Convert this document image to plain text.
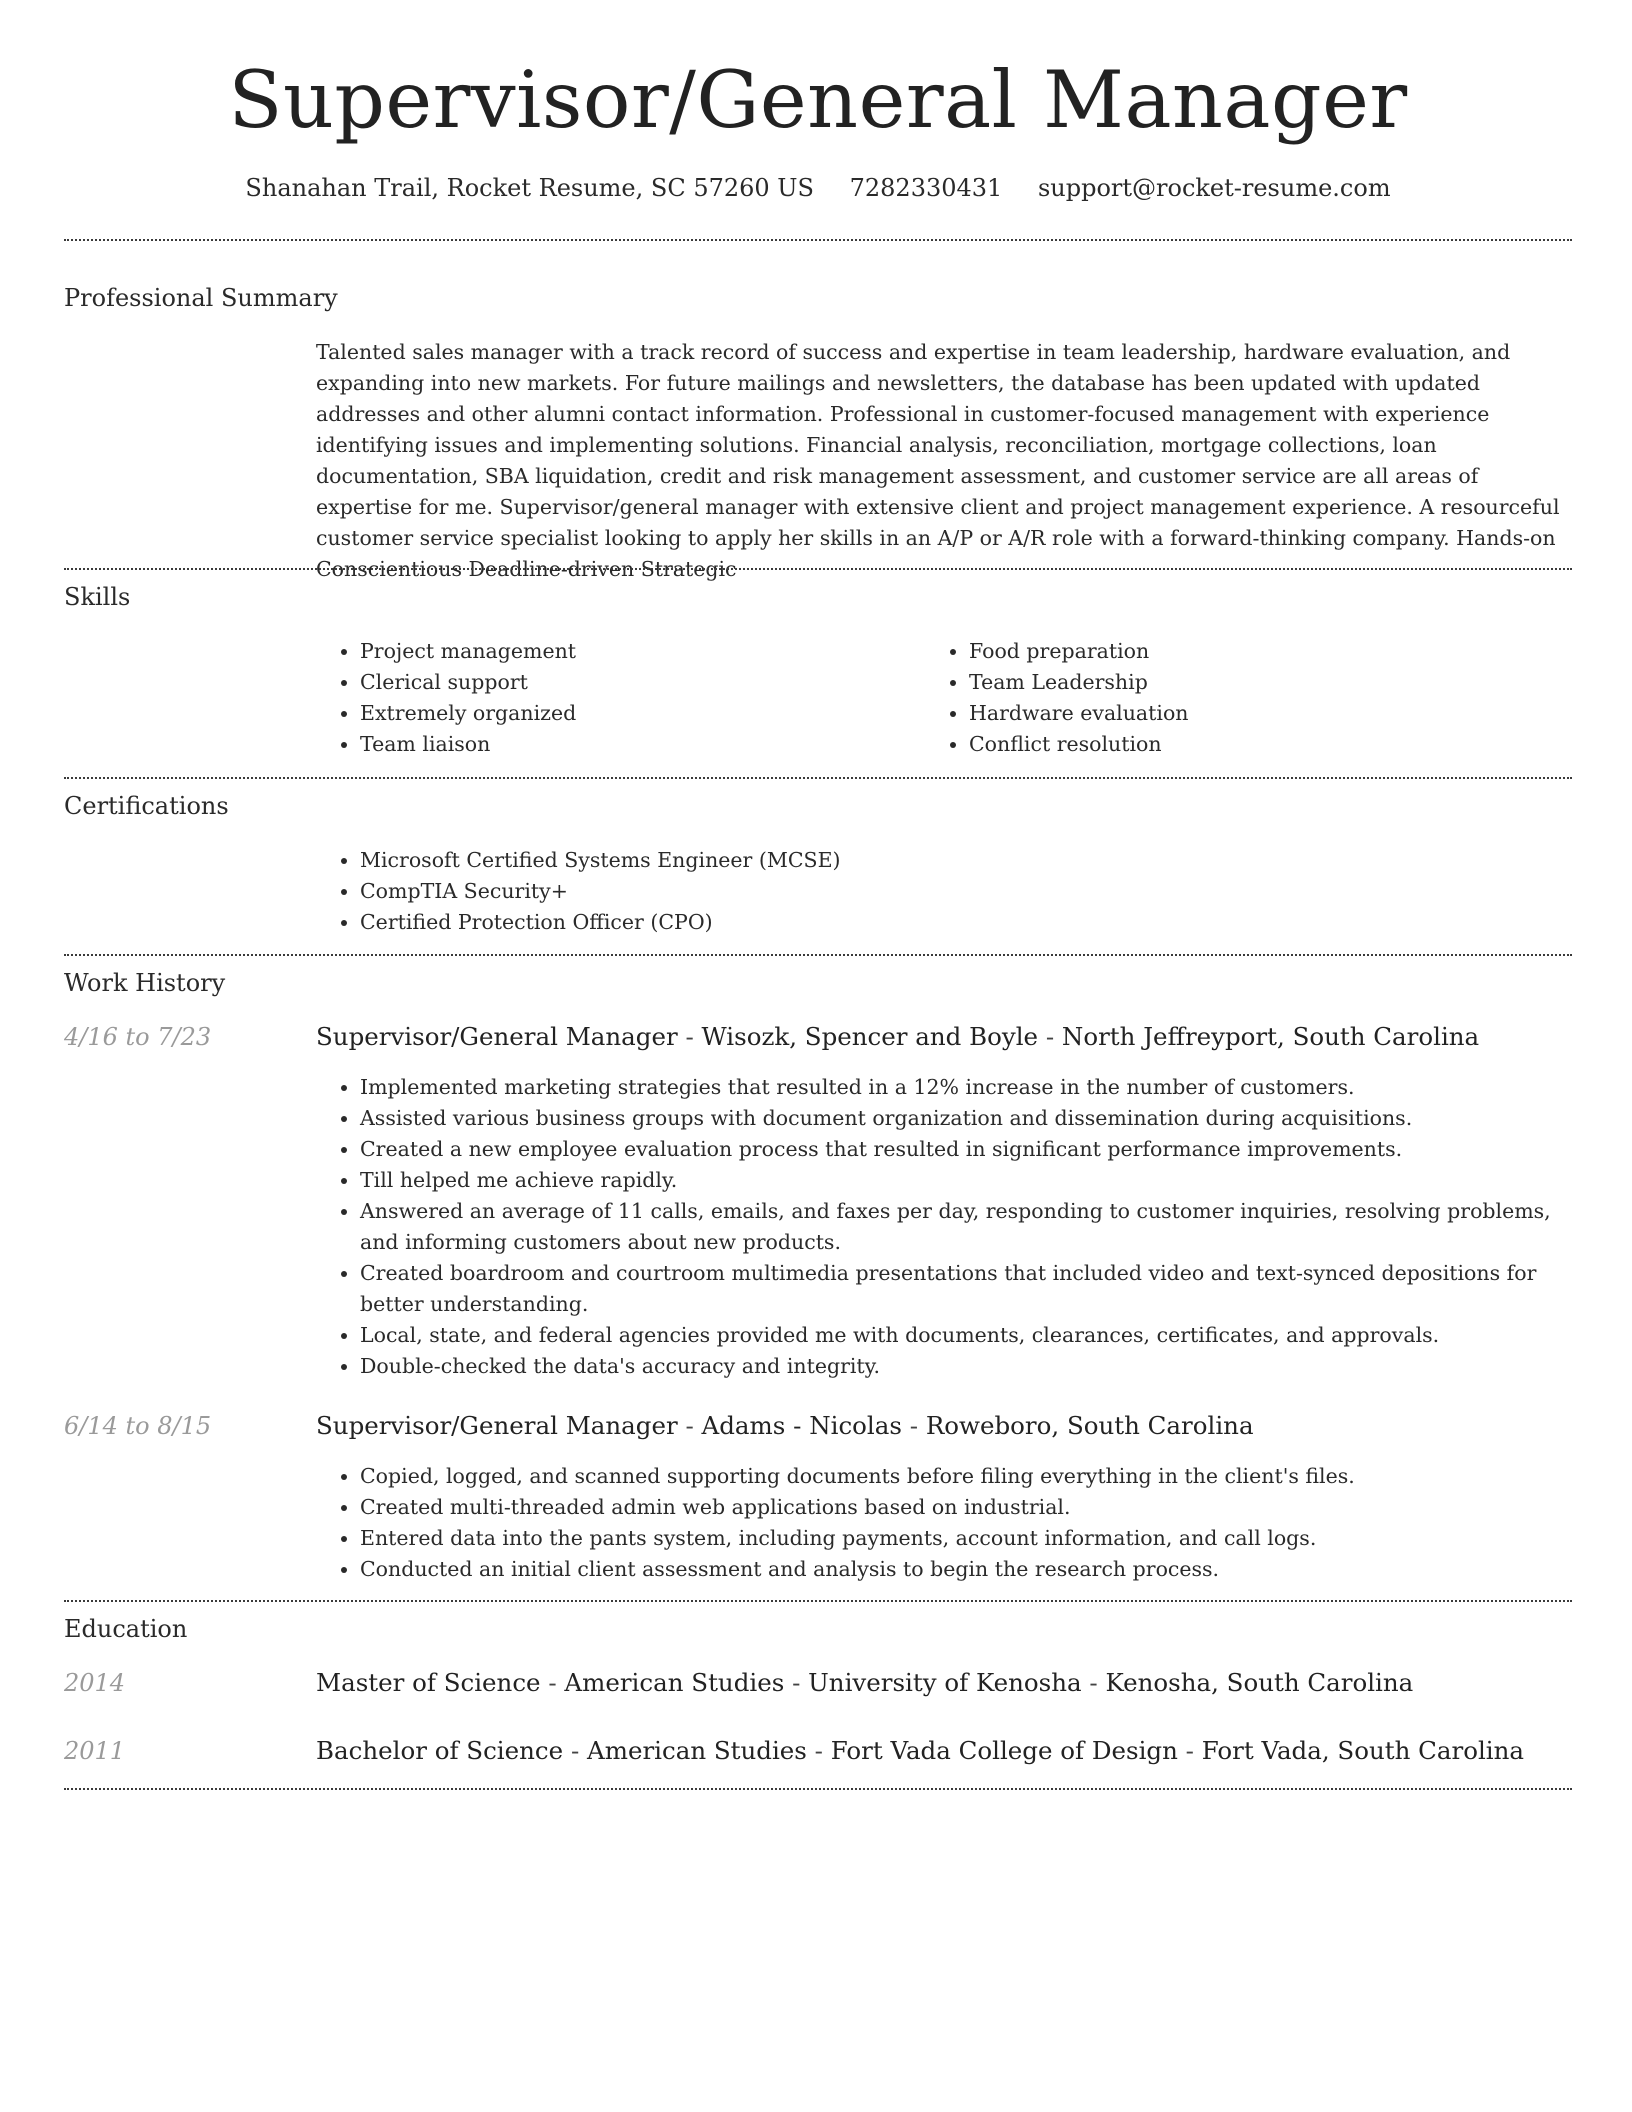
Supervisor/General Manager
Shanahan Trail, Rocket Resume, SC 57260 US 7282330431 support@rocket-resume.com
Professional Summary

Talented sales manager with a track record of success and expertise in team leadership, hardware evaluation, and expanding into new markets. For future mailings and newsletters, the database has been updated with updated addresses and other alumni contact information. Professional in customer-focused management with experience identifying issues and implementing solutions. Financial analysis, reconciliation, mortgage collections, loan documentation, SBA liquidation, credit and risk management assessment, and customer service are all areas of expertise for me. Supervisor/general manager with extensive client and project management experience. A resourceful customer service specialist looking to apply her skills in an A/P or A/R role with a forward-thinking company. Hands-on Conscientious Deadline-driven Strategic

Skills
• Project management
• Clerical support
• Extremely organized
• Team liaison
• Food preparation
• Team Leadership
• Hardware evaluation
• Conflict resolution
Certifications
• Microsoft Certified Systems Engineer (MCSE)
• CompTIA Security+
• Certified Protection Officer (CPO)
Work History
4/16 to 7/23	Supervisor/General Manager - Wisozk, Spencer and Boyle - North Jeffreyport, South Carolina
• Implemented marketing strategies that resulted in a 12% increase in the number of customers.
• Assisted various business groups with document organization and dissemination during acquisitions.
• Created a new employee evaluation process that resulted in significant performance improvements.
• Till helped me achieve rapidly.
• Answered an average of 11 calls, emails, and faxes per day, responding to customer inquiries, resolving problems, and informing customers about new products.
• Created boardroom and courtroom multimedia presentations that included video and text-synced depositions for better understanding.
• Local, state, and federal agencies provided me with documents, clearances, certificates, and approvals.
• Double-checked the data's accuracy and integrity.
6/14 to 8/15	Supervisor/General Manager - Adams - Nicolas - Roweboro, South Carolina
• Copied, logged, and scanned supporting documents before filing everything in the client's files.
• Created multi-threaded admin web applications based on industrial.
• Entered data into the pants system, including payments, account information, and call logs.
• Conducted an initial client assessment and analysis to begin the research process.
Education
2014	Master of Science - American Studies - University of Kenosha - Kenosha, South Carolina
2011	Bachelor of Science - American Studies - Fort Vada College of Design - Fort Vada, South Carolina
